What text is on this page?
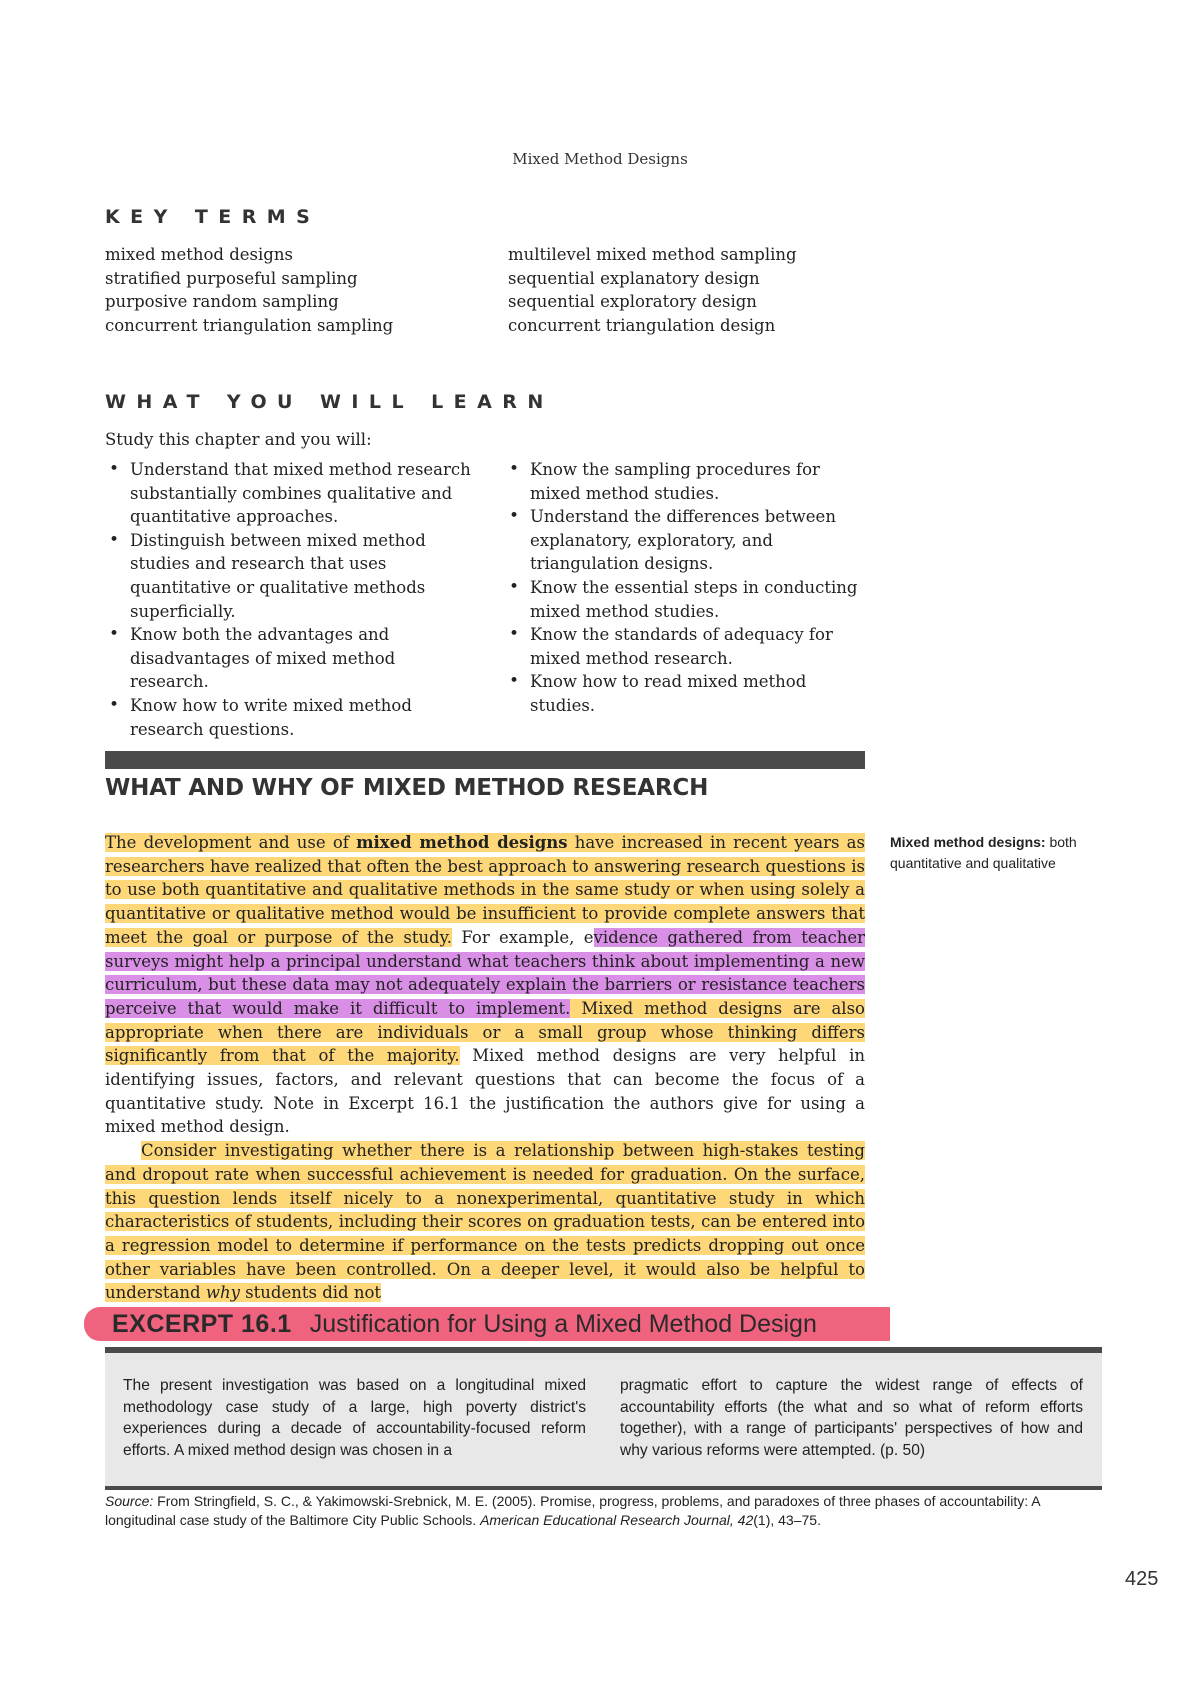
Mixed Method Designs
KEY TERMS
mixed method designs
stratified purposeful sampling
purposive random sampling
concurrent triangulation sampling
multilevel mixed method sampling
sequential explanatory design
sequential exploratory design
concurrent triangulation design
WHAT YOU WILL LEARN
Study this chapter and you will:
• Understand that mixed method research substantially combines qualitative and quantitative approaches.
• Distinguish between mixed method studies and research that uses quantitative or qualitative methods superficially.
• Know both the advantages and disadvantages of mixed method research.
• Know how to write mixed method research questions.
• Know the sampling procedures for mixed method studies.
• Understand the differences between explanatory, exploratory, and triangulation designs.
• Know the essential steps in conducting mixed method studies.
• Know the standards of adequacy for mixed method research.
• Know how to read mixed method studies.
WHAT AND WHY OF MIXED METHOD RESEARCH

The development and use of mixed method designs have increased in recent years as researchers have realized that often the best approach to answering research questions is to use both quantitative and qualitative methods in the same study or when using solely a quantitative or qualitative method would be insufficient to provide complete answers that meet the goal or purpose of the study. For example, evidence gathered from teacher surveys might help a principal understand what teachers think about implementing a new curriculum, but these data may not adequately explain the barriers or resistance teachers perceive that would make it difficult to implement. Mixed method designs are also appropriate when there are individuals or a small group whose thinking differs significantly from that of the majority. Mixed method designs are very helpful in identifying issues, factors, and relevant questions that can become the focus of a quantitative study. Note in Excerpt 16.1 the justification the authors give for using a mixed method design.

Consider investigating whether there is a relationship between high-stakes testing and dropout rate when successful achievement is needed for graduation. On the surface, this question lends itself nicely to a nonexperimental, quantitative study in which characteristics of students, including their scores on graduation tests, can be entered into a regression model to determine if performance on the tests predicts dropping out once other variables have been controlled. On a deeper level, it would also be helpful to understand why students did not

Mixed method designs: both quantitative and qualitative
EXCERPT 16.1 Justification for Using a Mixed Method Design
The present investigation was based on a longitudinal mixed methodology case study of a large, high poverty district's experiences during a decade of accountability-focused reform efforts. A mixed method design was chosen in a
pragmatic effort to capture the widest range of effects of accountability efforts (the what and so what of reform efforts together), with a range of participants' perspectives of how and why various reforms were attempted. (p. 50)
Source: From Stringfield, S. C., & Yakimowski-Srebnick, M. E. (2005). Promise, progress, problems, and paradoxes of three phases of accountability: A longitudinal case study of the Baltimore City Public Schools. American Educational Research Journal, 42(1), 43–75.
425
